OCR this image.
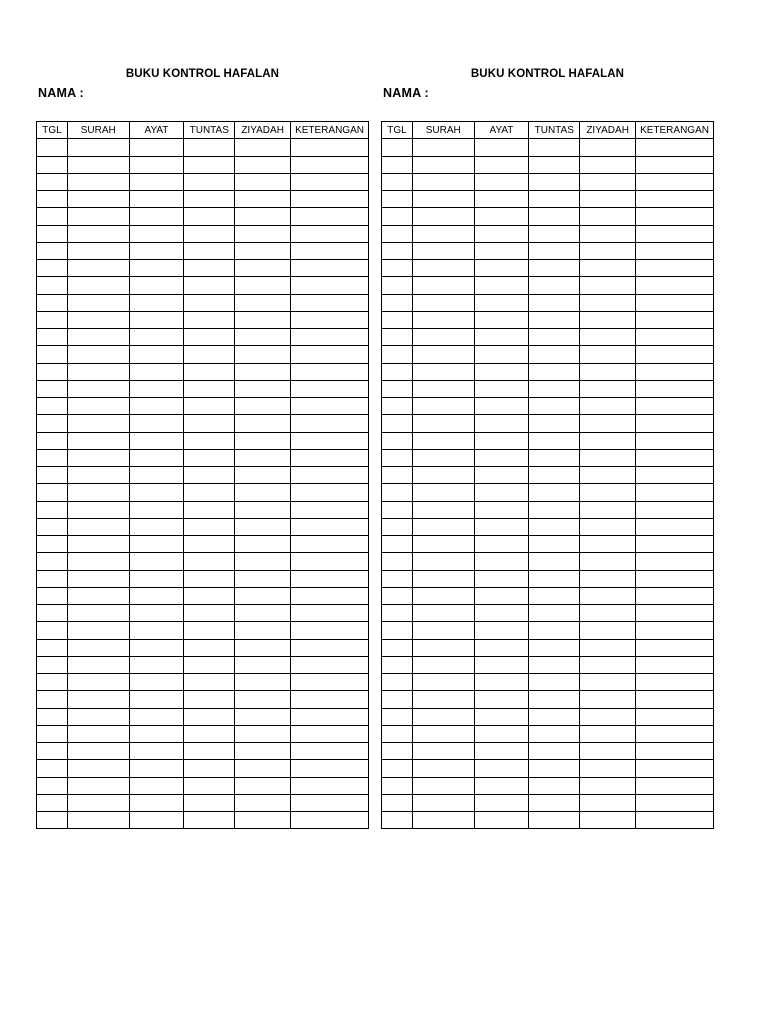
BUKU KONTROL HAFALAN
NAMA :
TGL	SURAH	AYAT	TUNTAS	ZIYADAH	KETERANGAN

BUKU KONTROL HAFALAN
NAMA :
TGL	SURAH	AYAT	TUNTAS	ZIYADAH	KETERANGAN
